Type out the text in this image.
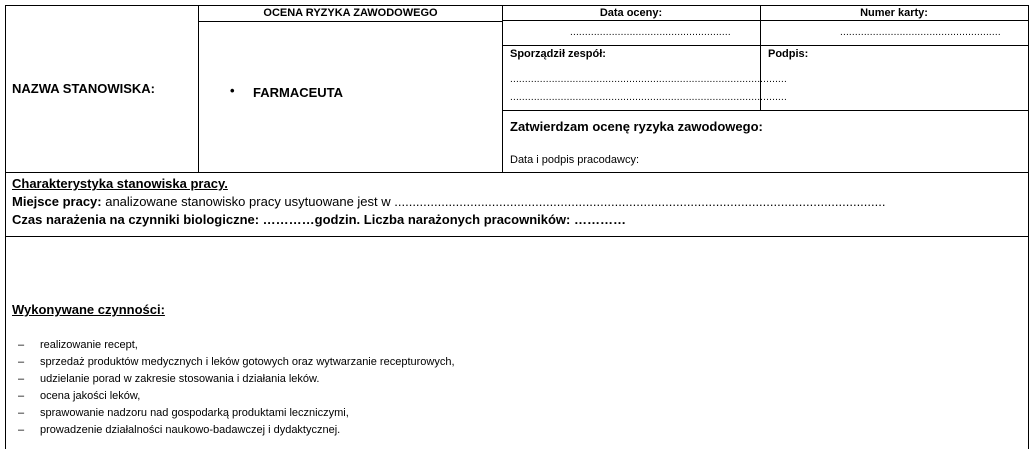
OCENA RYZYKA ZAWODOWEGO	Data oceny:
......................................................
Numer karty:
......................................................
Sporządził zespół:
.............................................................................................
.............................................................................................
Podpis:
Zatwierdzam ocenę ryzyka zawodowego:
Data i podpis pracodawcy:
NAZWA STANOWISKA:	• FARMACEUTA
Charakterystyka stanowiska pracy.
Miejsce pracy: analizowane stanowisko pracy usytuowane jest w ........................................................................................................................................
Czas narażenia na czynniki biologiczne: …………godzin. Liczba narażonych pracowników: …………
Wykonywane czynności:
– realizowanie recept,
– sprzedaż produktów medycznych i leków gotowych oraz wytwarzanie recepturowych,
– udzielanie porad w zakresie stosowania i działania leków.
– ocena jakości leków,
– sprawowanie nadzoru nad gospodarką produktami leczniczymi,
– prowadzenie działalności naukowo-badawczej i dydaktycznej.
